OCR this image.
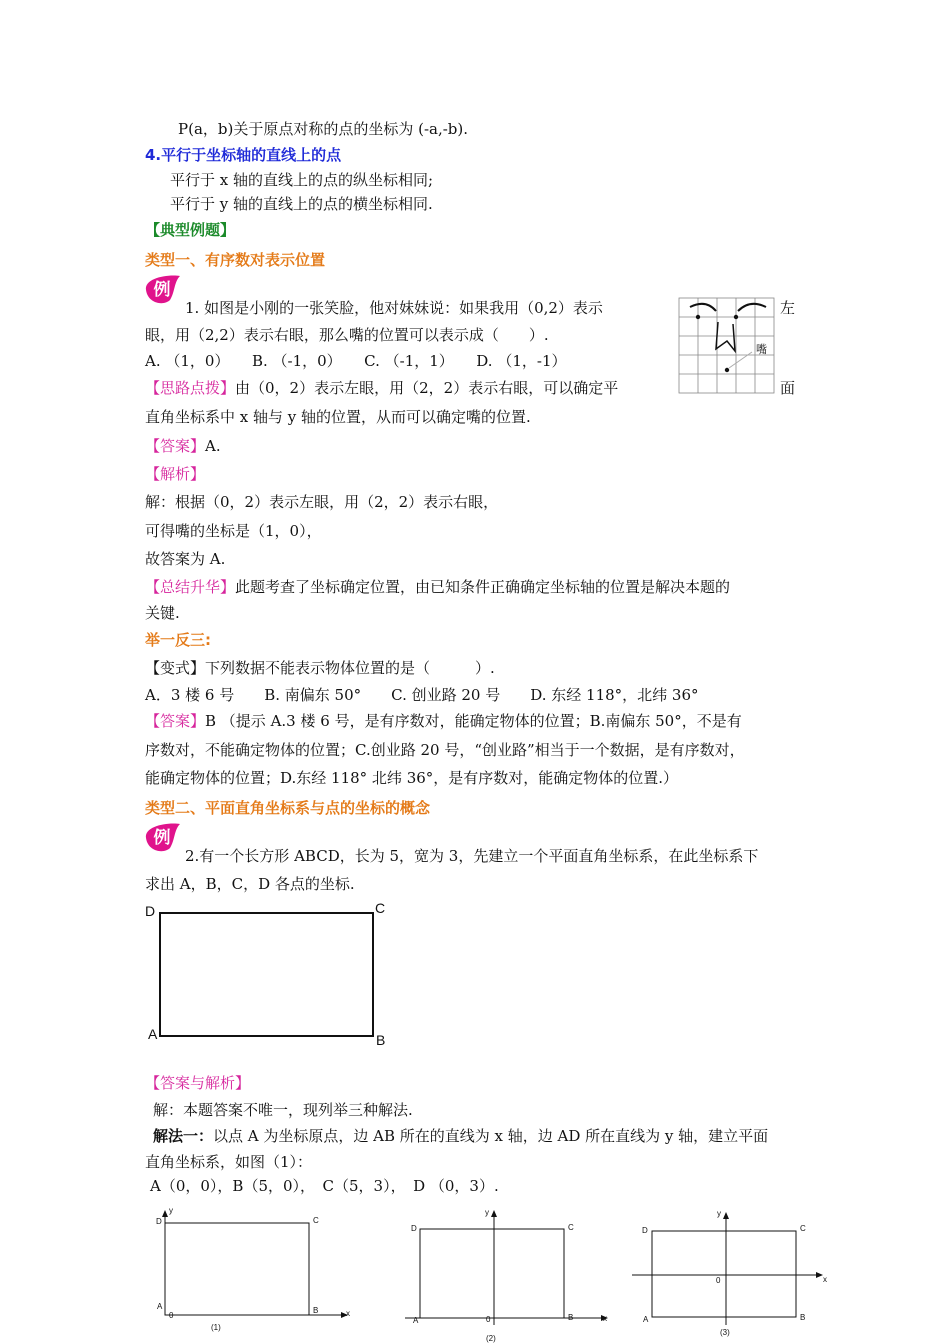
P(a，b)关于原点对称的点的坐标为 (-a,-b).
4.平行于坐标轴的直线上的点
平行于 x 轴的直线上的点的纵坐标相同;
平行于 y 轴的直线上的点的横坐标相同.
【典型例题】
类型一、有序数对表示位置
例
1. 如图是小刚的一张笑脸，他对妹妹说：如果我用（0,2）表示	左
眼，用（2,2）表示右眼，那么嘴的位置可以表示成（　　）.
A. （1，0）　　B. （-1，0）　　C. （-1，1）　　D. （1，-1）
嘴
【思路点拨】由（0，2）表示左眼，用（2，2）表示右眼，可以确定平	面
直角坐标系中 x 轴与 y 轴的位置，从而可以确定嘴的位置.
【答案】A.
【解析】
解：根据（0，2）表示左眼，用（2，2）表示右眼，
可得嘴的坐标是（1，0），
故答案为 A.
【总结升华】此题考查了坐标确定位置，由已知条件正确确定坐标轴的位置是解决本题的
关键.
举一反三:
【变式】下列数据不能表示物体位置的是（　　　）.
A．3 楼 6 号　　B. 南偏东 50°　　C. 创业路 20 号　　D. 东经 118°，北纬 36°
【答案】B （提示 A.3 楼 6 号，是有序数对，能确定物体的位置；B.南偏东 50°，不是有
序数对，不能确定物体的位置；C.创业路 20 号，“创业路”相当于一个数据，是有序数对，
能确定物体的位置；D.东经 118° 北纬 36°，是有序数对，能确定物体的位置.）
类型二、平面直角坐标系与点的坐标的概念
例
2.有一个长方形 ABCD，长为 5，宽为 3，先建立一个平面直角坐标系，在此坐标系下
求出 A，B，C，D 各点的坐标.
D	C
A	B
【答案与解析】
解：本题答案不唯一，现列举三种解法.
解法一：以点 A 为坐标原点，边 AB 所在的直线为 x 轴，边 AD 所在直线为 y 轴，建立平面
直角坐标系，如图（1）：
A（0，0），B（5，0），　C（5，3），　D （0，3）.
y
D	C
A
0
B	x
(1)
y
D	C
A	0	B	x
(2)
y
D	C
0	x
A	B
(3)
